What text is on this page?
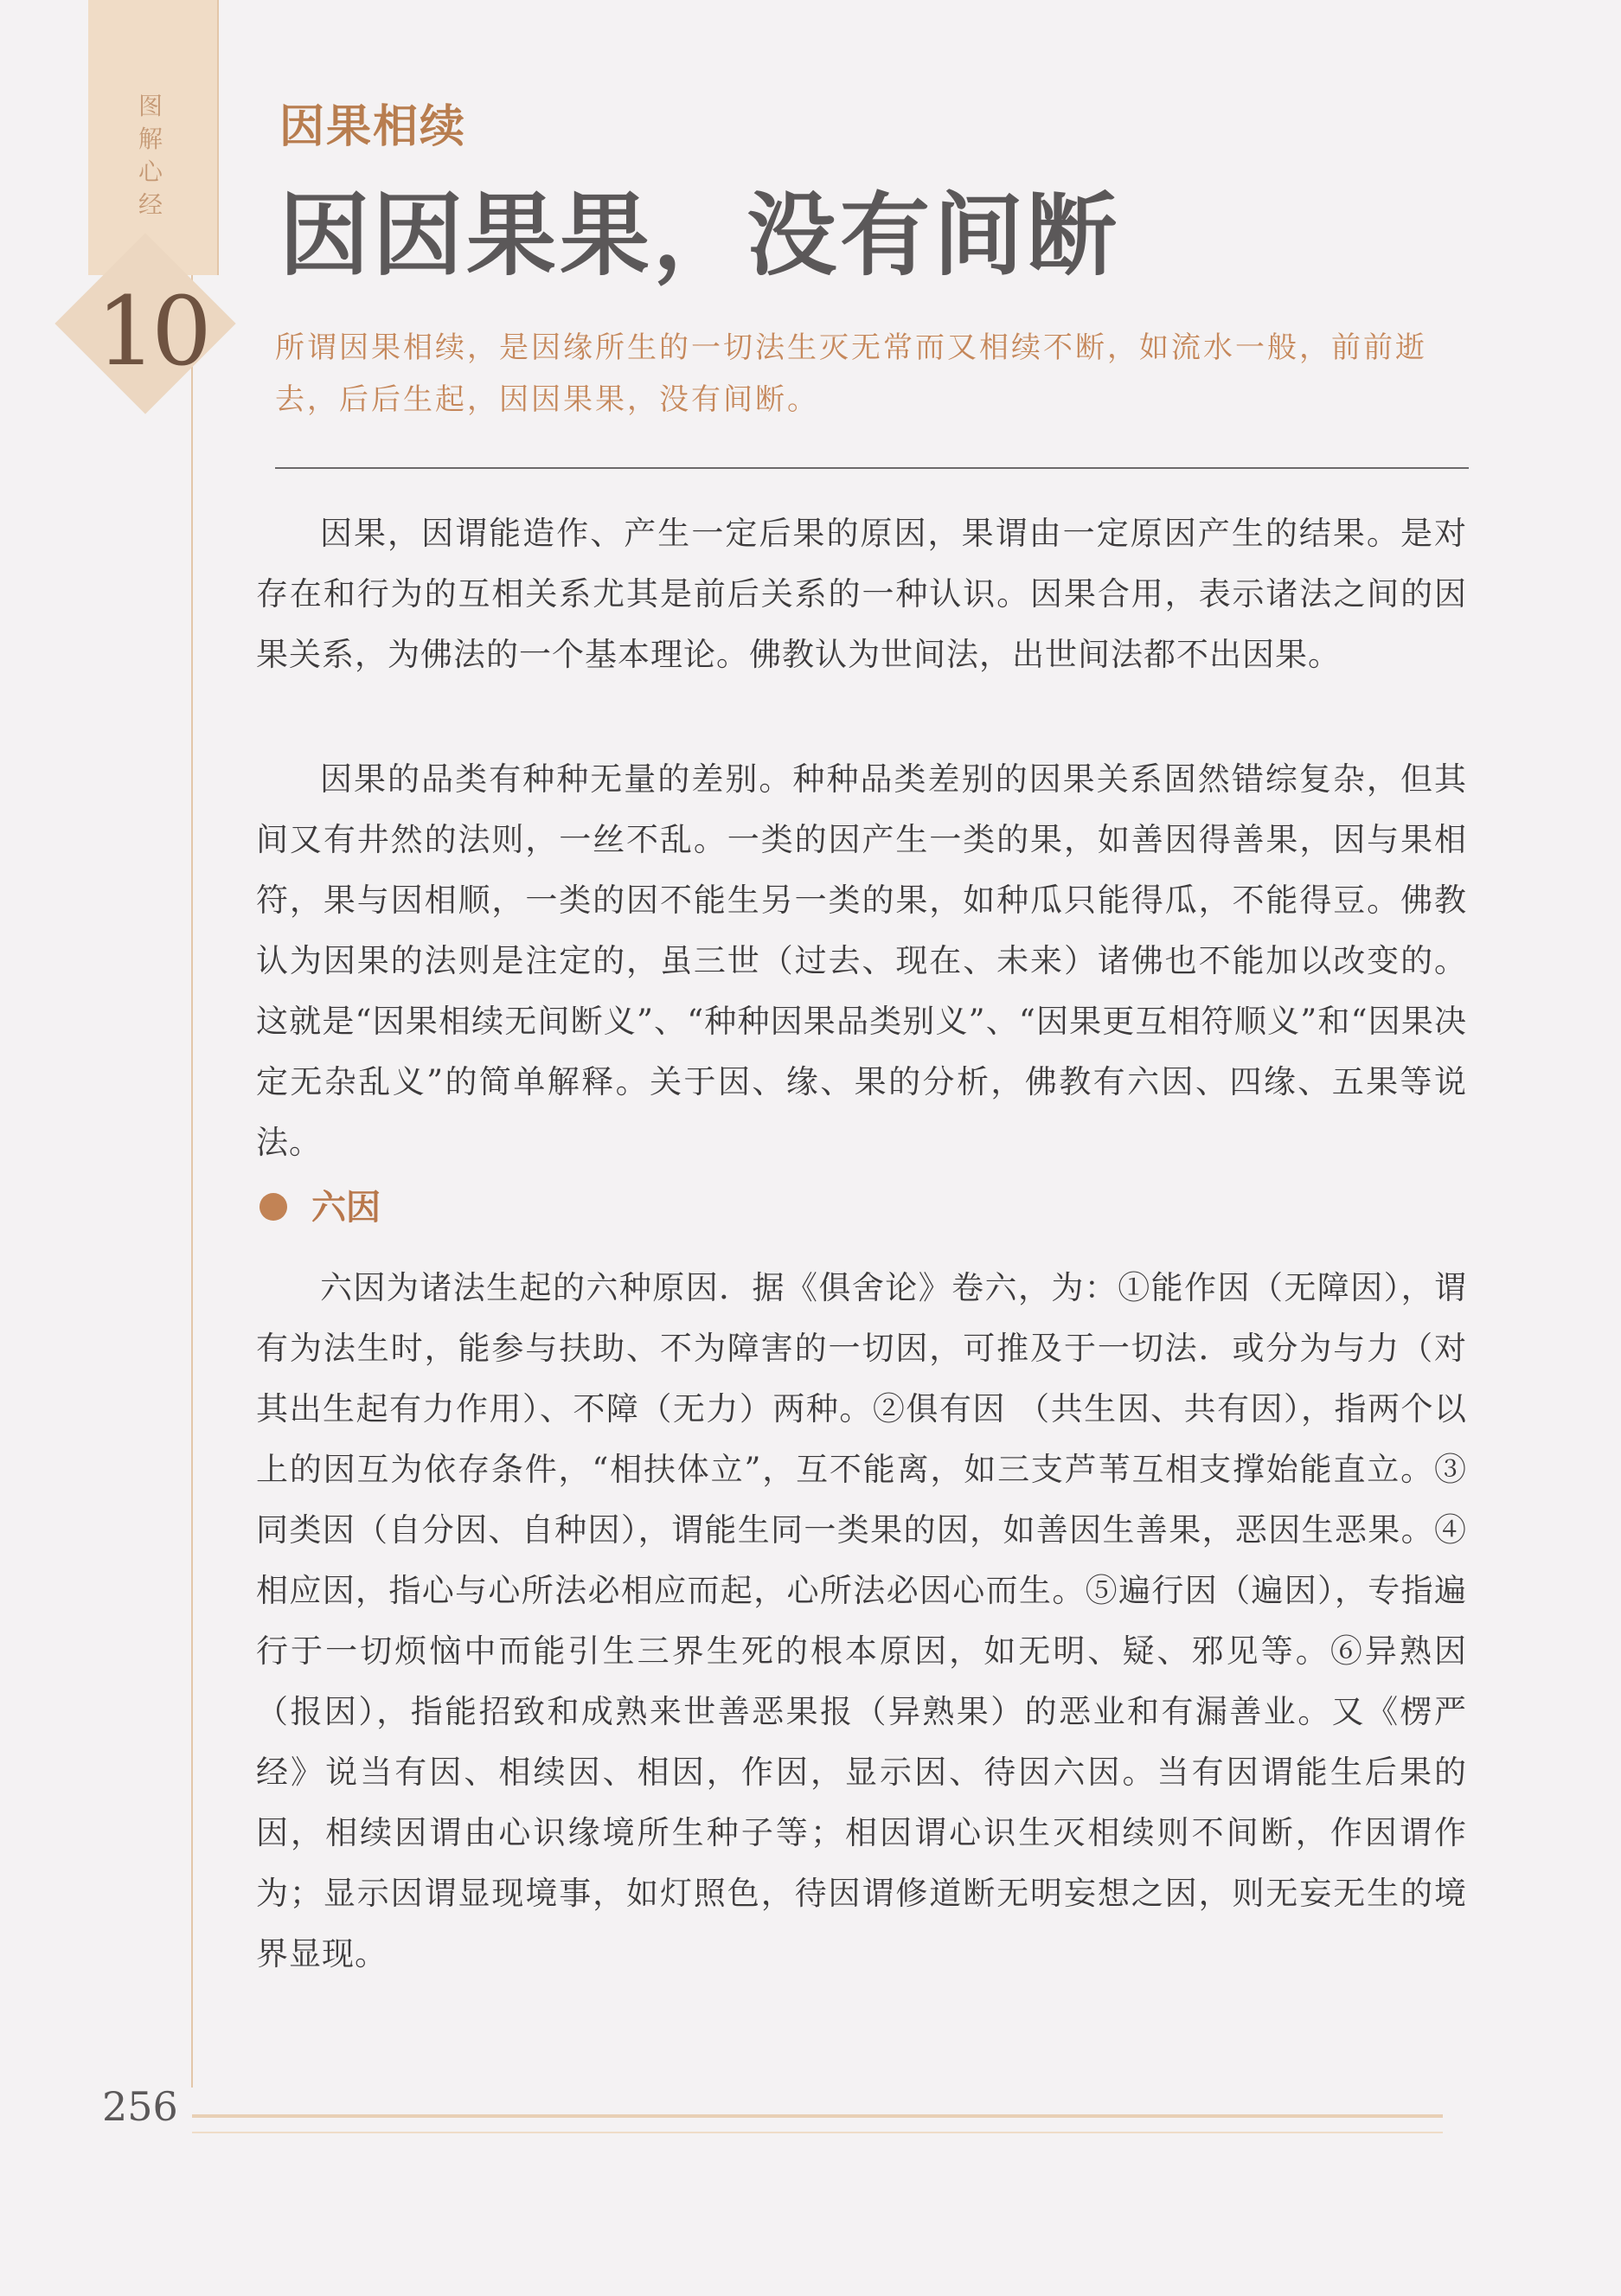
图解心经
10
因果相续
因因果果，没有间断
所谓因果相续，是因缘所生的一切法生灭无常而又相续不断，如流水一般，前前逝去，后后生起，因因果果，没有间断。

因果，因谓能造作、产生一定后果的原因，果谓由一定原因产生的结果。是对存在和行为的互相关系尤其是前后关系的一种认识。因果合用，表示诸法之间的因果关系，为佛法的一个基本理论。佛教认为世间法，出世间法都不出因果。

因果的品类有种种无量的差别。种种品类差别的因果关系固然错综复杂，但其间又有井然的法则，一丝不乱。一类的因产生一类的果，如善因得善果，因与果相符，果与因相顺，一类的因不能生另一类的果，如种瓜只能得瓜，不能得豆。佛教认为因果的法则是注定的，虽三世（过去、现在、未来）诸佛也不能加以改变的。这就是“因果相续无间断义”、“种种因果品类别义”、“因果更互相符顺义”和“因果决定无杂乱义”的简单解释。关于因、缘、果的分析，佛教有六因、四缘、五果等说法。

六因

六因为诸法生起的六种原因．据《俱舍论》卷六，为：①能作因（无障因），谓有为法生时，能参与扶助、不为障害的一切因，可推及于一切法．或分为与力（对其出生起有力作用）、不障（无力）两种。②俱有因 （共生因、共有因），指两个以上的因互为依存条件，“相扶体立”，互不能离，如三支芦苇互相支撑始能直立。③同类因（自分因、自种因），谓能生同一类果的因，如善因生善果，恶因生恶果。④相应因，指心与心所法必相应而起，心所法必因心而生。⑤遍行因（遍因），专指遍行于一切烦恼中而能引生三界生死的根本原因，如无明、疑、邪见等。⑥异熟因（报因），指能招致和成熟来世善恶果报（异熟果）的恶业和有漏善业。又《楞严经》说当有因、相续因、相因，作因，显示因、待因六因。当有因谓能生后果的因，相续因谓由心识缘境所生种子等；相因谓心识生灭相续则不间断，作因谓作为；显示因谓显现境事，如灯照色，待因谓修道断无明妄想之因，则无妄无生的境界显现。

256
